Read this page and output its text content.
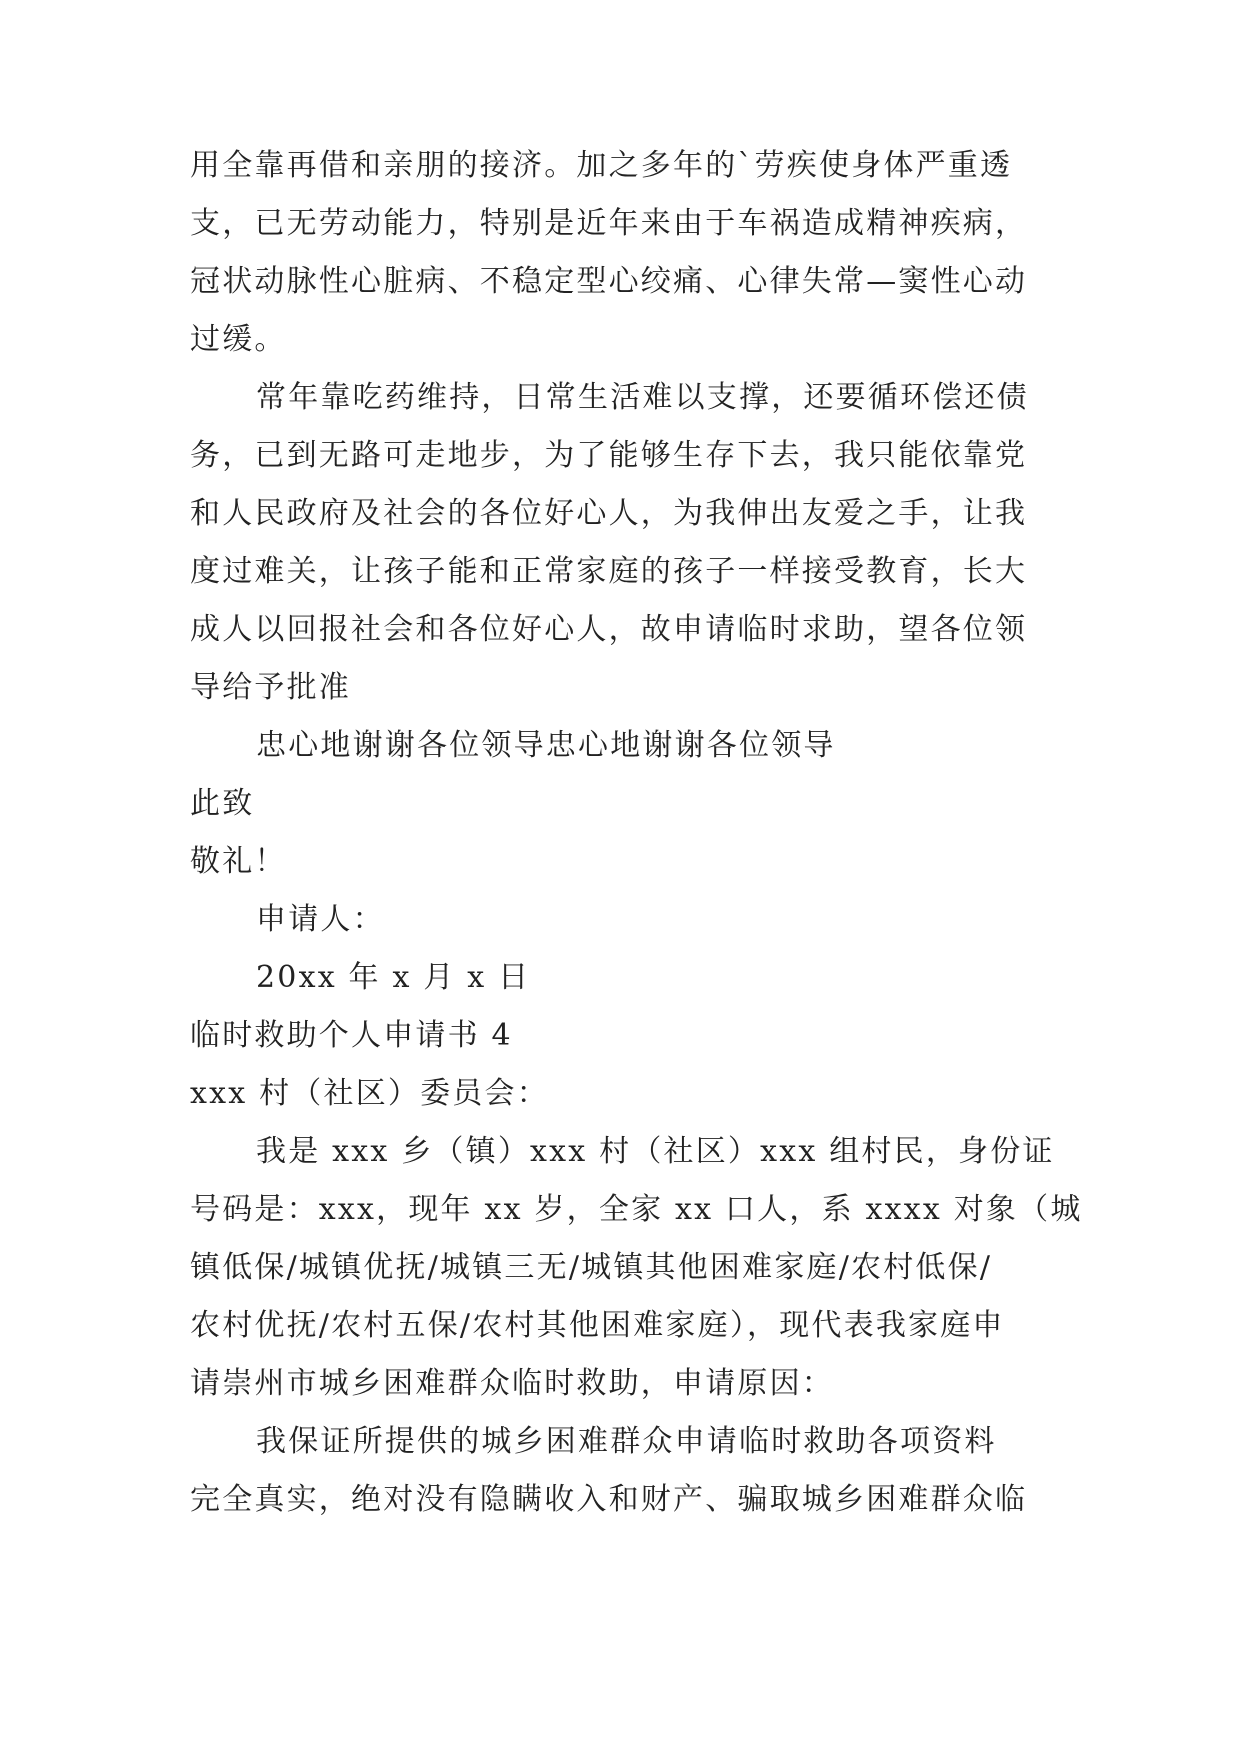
用全靠再借和亲朋的接济。加之多年的`劳疾使身体严重透
支，已无劳动能力，特别是近年来由于车祸造成精神疾病，
冠状动脉性心脏病、不稳定型心绞痛、心律失常—窦性心动
过缓。
常年靠吃药维持，日常生活难以支撑，还要循环偿还债
务，已到无路可走地步，为了能够生存下去，我只能依靠党
和人民政府及社会的各位好心人，为我伸出友爱之手，让我
度过难关，让孩子能和正常家庭的孩子一样接受教育，长大
成人以回报社会和各位好心人，故申请临时求助，望各位领
导给予批准
忠心地谢谢各位领导忠心地谢谢各位领导
此致
敬礼！
申请人：
20xx 年 x 月 x 日
临时救助个人申请书 4
xxx 村（社区）委员会：
我是 xxx 乡（镇）xxx 村（社区）xxx 组村民，身份证
号码是：xxx，现年 xx 岁，全家 xx 口人，系 xxxx 对象（城
镇低保/城镇优抚/城镇三无/城镇其他困难家庭/农村低保/
农村优抚/农村五保/农村其他困难家庭），现代表我家庭申
请崇州市城乡困难群众临时救助，申请原因：
我保证所提供的城乡困难群众申请临时救助各项资料
完全真实，绝对没有隐瞒收入和财产、骗取城乡困难群众临
